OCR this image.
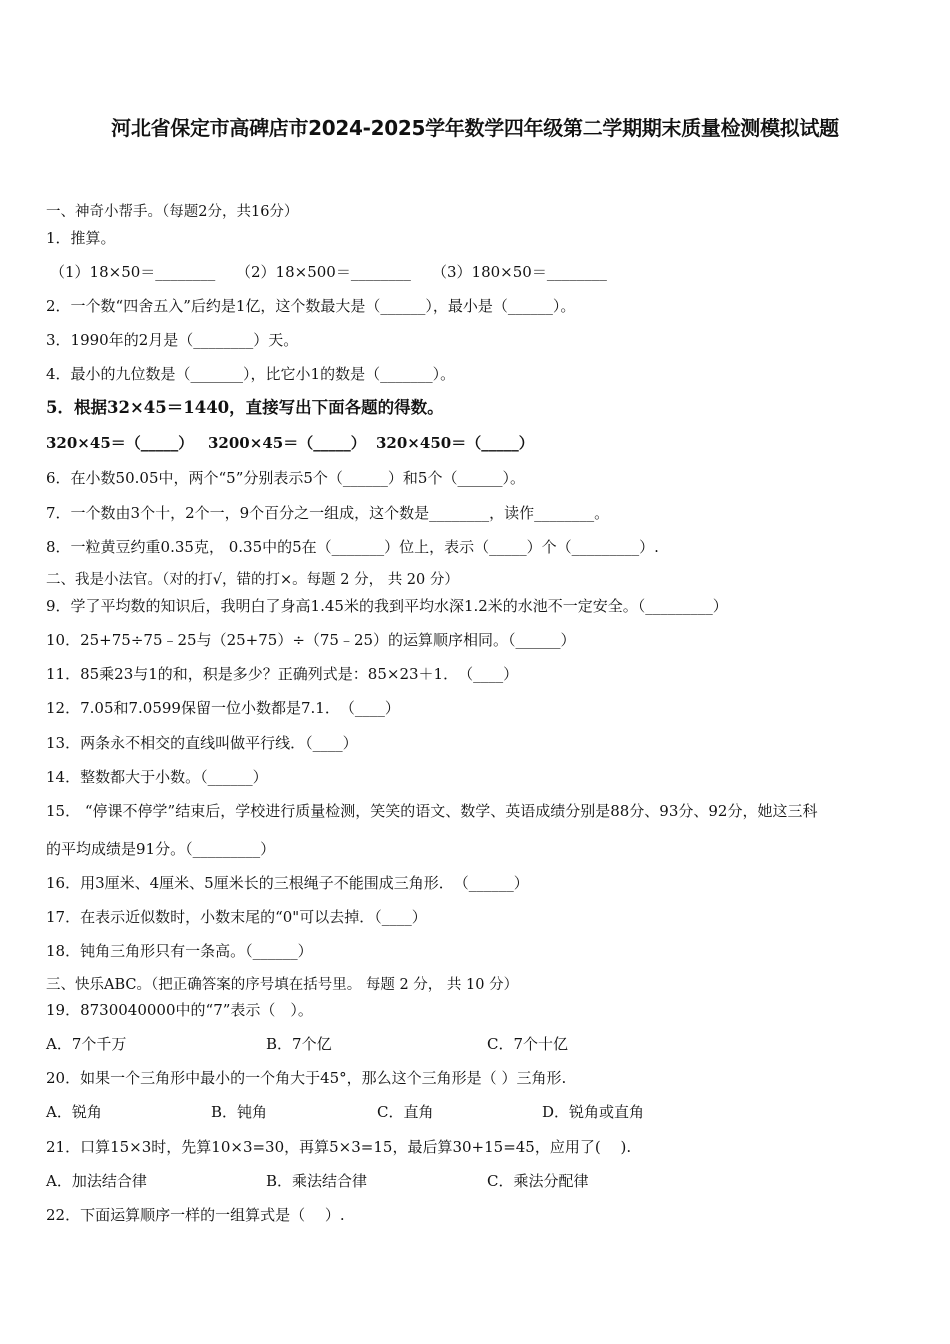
河北省保定市高碑店市2024-2025学年数学四年级第二学期期末质量检测模拟试题
一、神奇小帮手。（每题2分，共16分）
1．推算。
（1）18×50＝________ （2）18×500＝________ （3）180×50＝________
2．一个数“四舍五入”后约是1亿，这个数最大是（______），最小是（______）。
3．1990年的2月是（________）天。
4．最小的九位数是（_______），比它小1的数是（_______）。
5．根据32×45＝1440，直接写出下面各题的得数。
320×45＝（_____） 3200×45＝（_____） 320×450＝（_____）
6．在小数50.05中，两个“5”分别表示5个（______）和5个（______）。
7．一个数由3个十，2个一，9个百分之一组成，这个数是________，读作________。
8．一粒黄豆约重0.35克， 0.35中的5在（_______）位上，表示（_____）个（_________）.
二、我是小法官。（对的打√，错的打×。每题 2 分， 共 20 分）
9．学了平均数的知识后，我明白了身高1.45米的我到平均水深1.2米的水池不一定安全。（_________）
10．25+75÷75﹣25与（25+75）÷（75﹣25）的运算顺序相同。（______）
11．85乘23与1的和，积是多少？正确列式是：85×23＋1．　（____）
12．7.05和7.0599保留一位小数都是7.1．　（____）
13．两条永不相交的直线叫做平行线．（____）
14．整数都大于小数。（______）
15． “停课不停学”结束后，学校进行质量检测，笑笑的语文、数学、英语成绩分别是88分、93分、92分，她这三科
的平均成绩是91分。（_________）
16．用3厘米、4厘米、5厘米长的三根绳子不能围成三角形．　（______）
17．在表示近似数时，小数末尾的“0"可以去掉．（____）
18．钝角三角形只有一条高。（______）
三、快乐ABC。（把正确答案的序号填在括号里。 每题 2 分， 共 10 分）
19．8730040000中的“7”表示（　）。
A．7个千万	B．7个亿	C．7个十亿
20．如果一个三角形中最小的一个角大于45°，那么这个三角形是（ ）三角形.
A．锐角	B．钝角	C．直角	D．锐角或直角
21．口算15×3时，先算10×3=30，再算5×3=15，最后算30+15=45，应用了(　 ).
A．加法结合律	B．乘法结合律	C．乘法分配律
22．下面运算顺序一样的一组算式是（　 ）.
